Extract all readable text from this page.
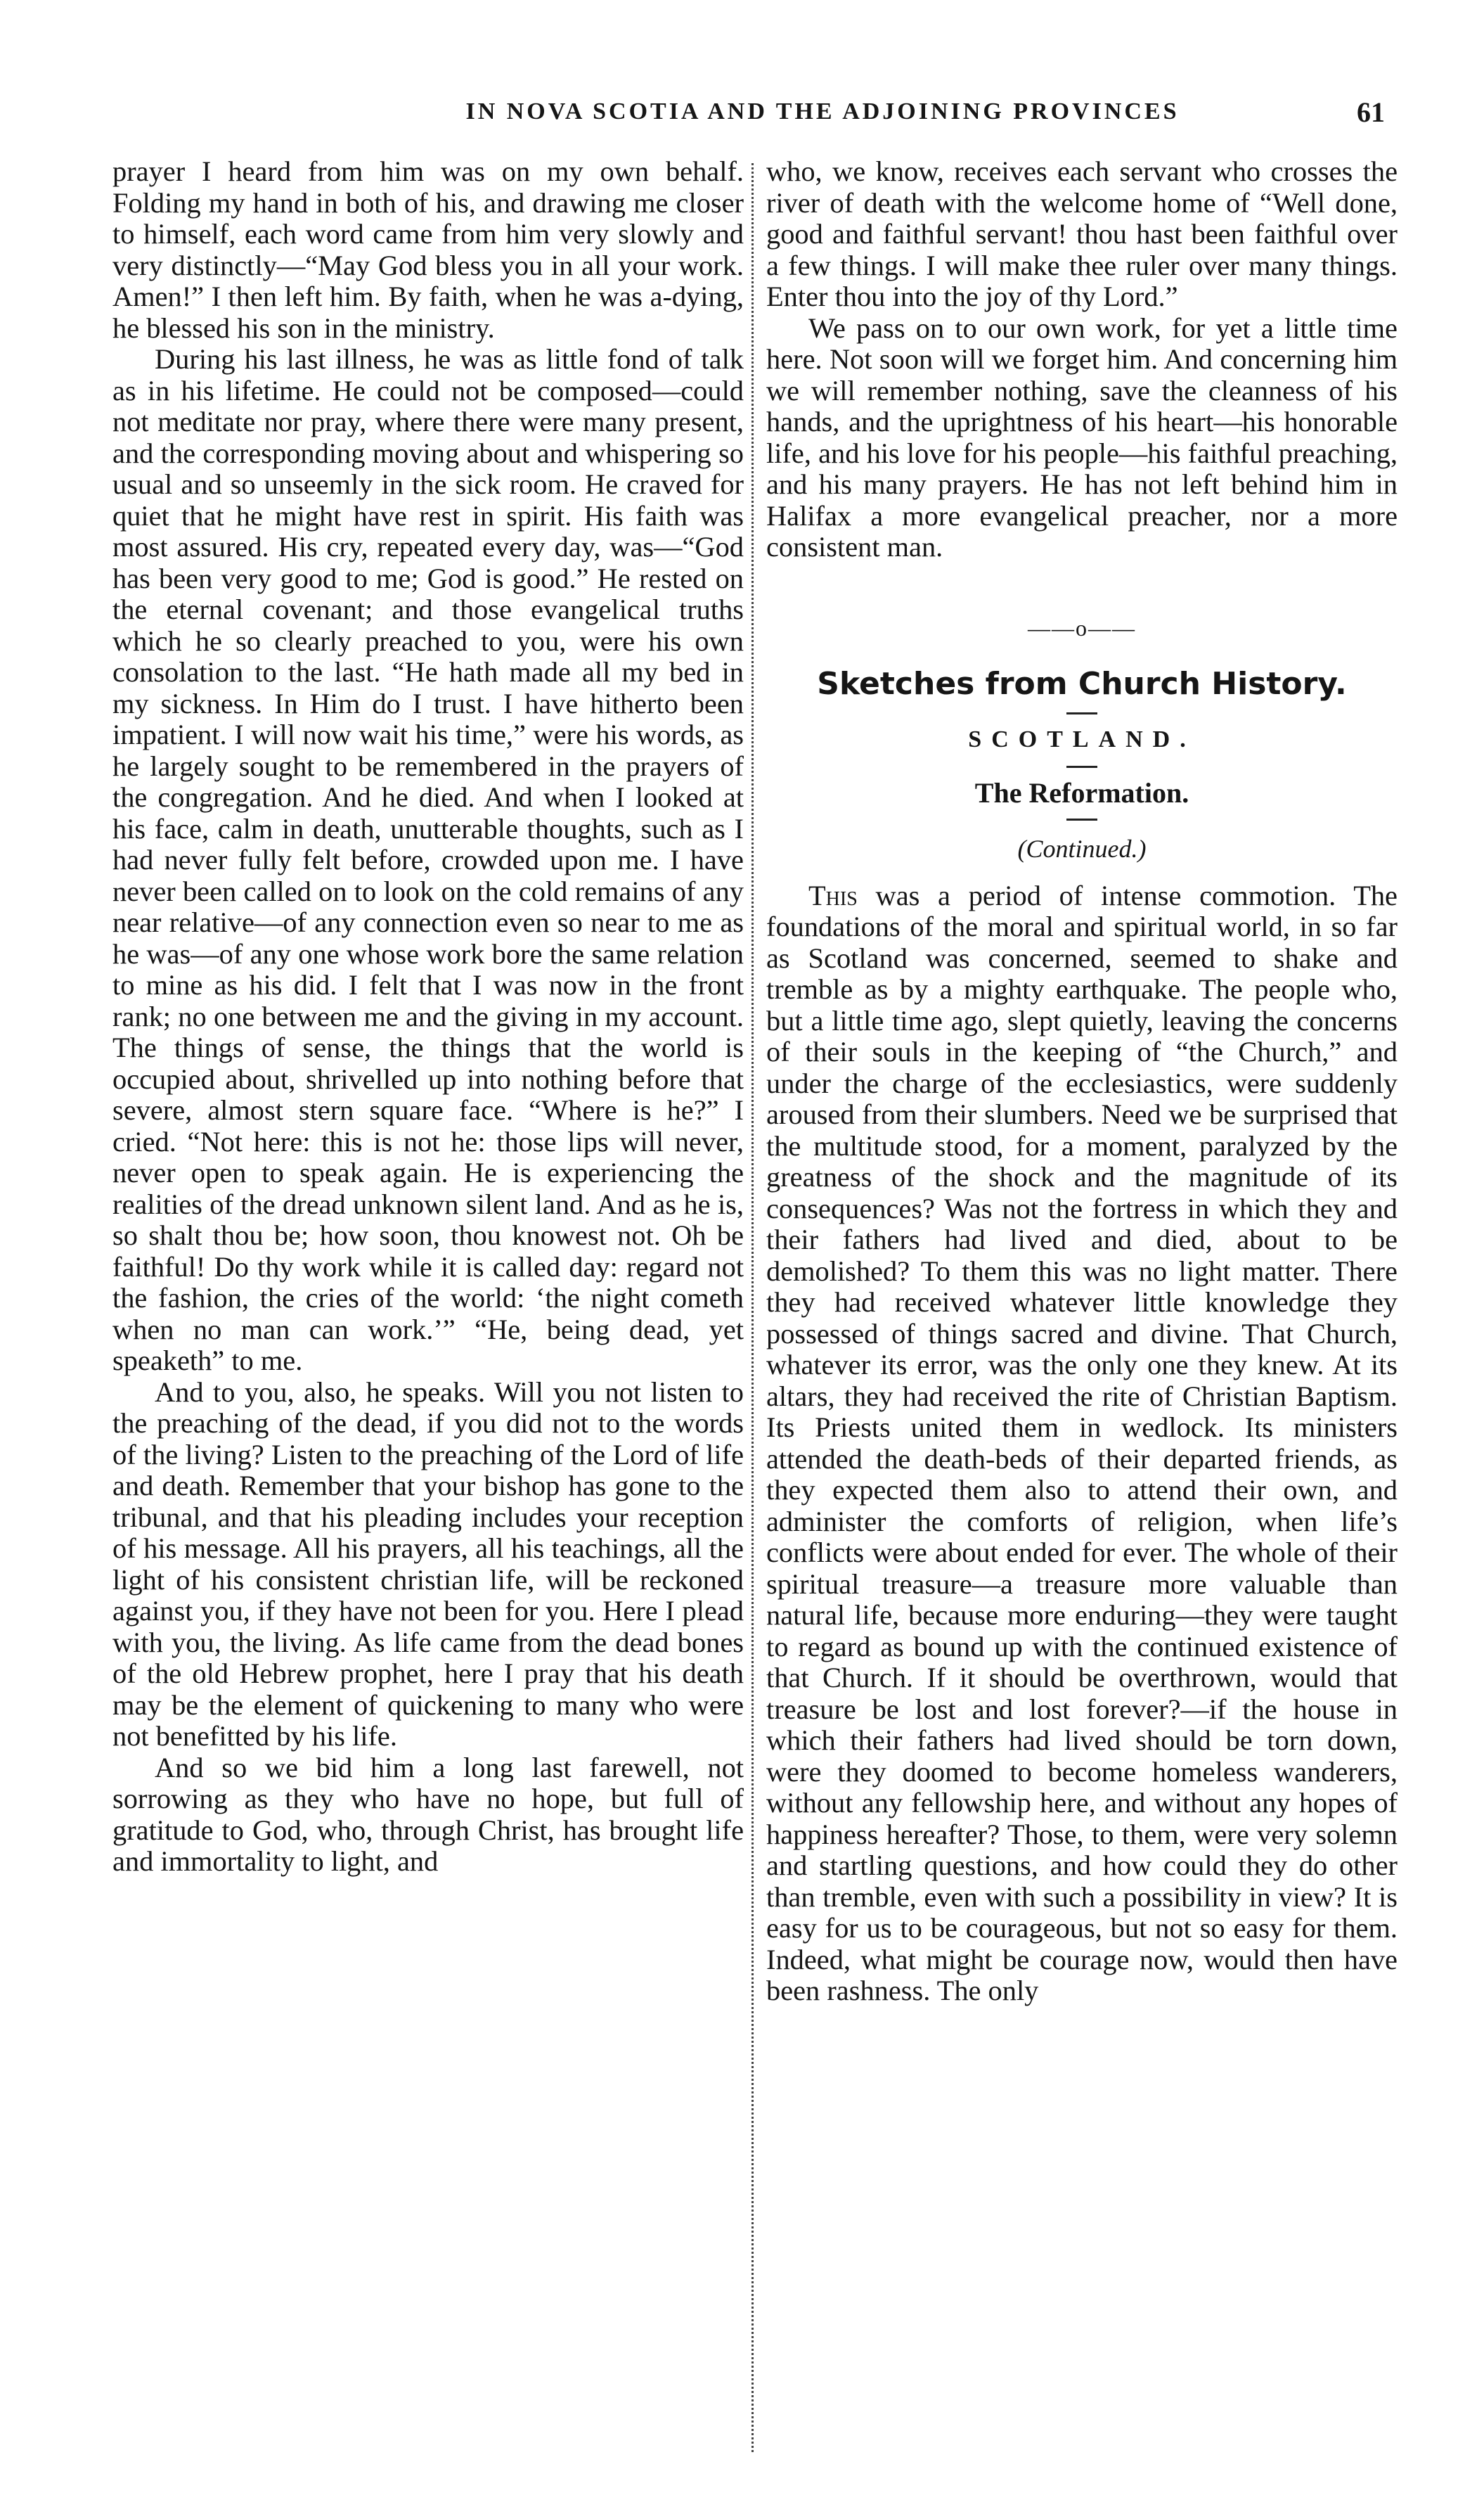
IN NOVA SCOTIA AND THE ADJOINING PROVINCES	61

prayer I heard from him was on my own behalf. Folding my hand in both of his, and drawing me closer to himself, each word came from him very slowly and very distinctly—“May God bless you in all your work. Amen!” I then left him. By faith, when he was a-dying, he blessed his son in the ministry.

During his last illness, he was as little fond of talk as in his lifetime. He could not be composed—could not meditate nor pray, where there were many present, and the corresponding moving about and whispering so usual and so unseemly in the sick room. He craved for quiet that he might have rest in spirit. His faith was most assured. His cry, repeated every day, was—“God has been very good to me; God is good.” He rested on the eternal covenant; and those evangelical truths which he so clearly preached to you, were his own consolation to the last. “He hath made all my bed in my sickness. In Him do I trust. I have hitherto been impatient. I will now wait his time,” were his words, as he largely sought to be remembered in the prayers of the congregation. And he died. And when I looked at his face, calm in death, unutterable thoughts, such as I had never fully felt before, crowded upon me. I have never been called on to look on the cold remains of any near relative—of any connection even so near to me as he was—of any one whose work bore the same relation to mine as his did. I felt that I was now in the front rank; no one between me and the giving in my account. The things of sense, the things that the world is occupied about, shrivelled up into nothing before that severe, almost stern square face. “Where is he?” I cried. “Not here: this is not he: those lips will never, never open to speak again. He is experiencing the realities of the dread unknown silent land. And as he is, so shalt thou be; how soon, thou knowest not. Oh be faithful! Do thy work while it is called day: regard not the fashion, the cries of the world: ‘the night cometh when no man can work.’” “He, being dead, yet speaketh” to me.

And to you, also, he speaks. Will you not listen to the preaching of the dead, if you did not to the words of the living? Listen to the preaching of the Lord of life and death. Remember that your bishop has gone to the tribunal, and that his pleading includes your reception of his message. All his prayers, all his teachings, all the light of his consistent christian life, will be reckoned against you, if they have not been for you. Here I plead with you, the living. As life came from the dead bones of the old Hebrew prophet, here I pray that his death may be the element of quickening to many who were not benefitted by his life.

And so we bid him a long last farewell, not sorrowing as they who have no hope, but full of gratitude to God, who, through Christ, has brought life and immortality to light, and

who, we know, receives each servant who crosses the river of death with the welcome home of “Well done, good and faithful servant! thou hast been faithful over a few things. I will make thee ruler over many things. Enter thou into the joy of thy Lord.”

We pass on to our own work, for yet a little time here. Not soon will we forget him. And concerning him we will remember nothing, save the cleanness of his hands, and the uprightness of his heart—his honorable life, and his love for his people—his faithful preaching, and his many prayers. He has not left behind him in Halifax a more evangelical preacher, nor a more consistent man.

——o——
Sketches from Church History.
SCOTLAND.
The Reformation.
(Continued.)

This was a period of intense commotion. The foundations of the moral and spiritual world, in so far as Scotland was concerned, seemed to shake and tremble as by a mighty earthquake. The people who, but a little time ago, slept quietly, leaving the concerns of their souls in the keeping of “the Church,” and under the charge of the ecclesiastics, were suddenly aroused from their slumbers. Need we be surprised that the multitude stood, for a moment, paralyzed by the greatness of the shock and the magnitude of its consequences? Was not the fortress in which they and their fathers had lived and died, about to be demolished? To them this was no light matter. There they had received whatever little knowledge they possessed of things sacred and divine. That Church, whatever its error, was the only one they knew. At its altars, they had received the rite of Christian Baptism. Its Priests united them in wedlock. Its ministers attended the death-beds of their departed friends, as they expected them also to attend their own, and administer the comforts of religion, when life’s conflicts were about ended for ever. The whole of their spiritual treasure—a treasure more valuable than natural life, because more enduring—they were taught to regard as bound up with the continued existence of that Church. If it should be overthrown, would that treasure be lost and lost forever?—if the house in which their fathers had lived should be torn down, were they doomed to become homeless wanderers, without any fellowship here, and without any hopes of happiness hereafter? Those, to them, were very solemn and startling questions, and how could they do other than tremble, even with such a possibility in view? It is easy for us to be courageous, but not so easy for them. Indeed, what might be courage now, would then have been rashness. The only
